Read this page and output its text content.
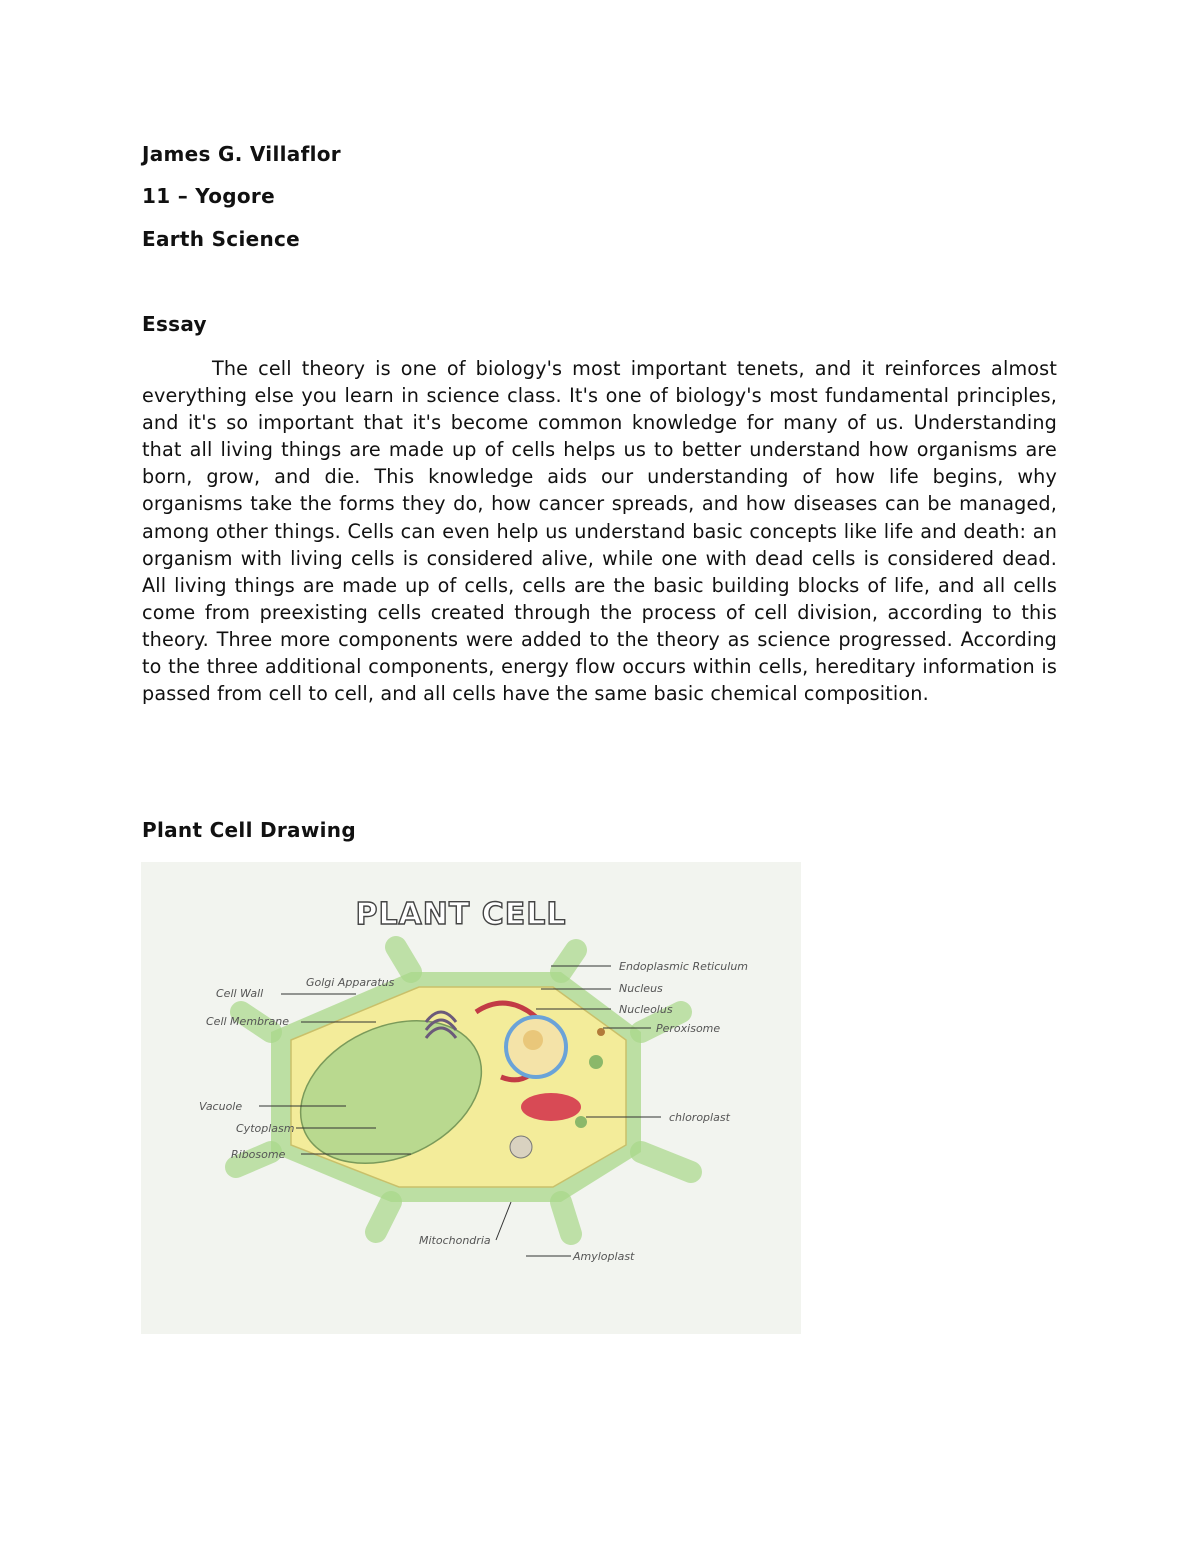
James G. Villaflor

11 – Yogore

Earth Science

Essay

The cell theory is one of biology's most important tenets, and it reinforces almost everything else you learn in science class. It's one of biology's most fundamental principles, and it's so important that it's become common knowledge for many of us. Understanding that all living things are made up of cells helps us to better understand how organisms are born, grow, and die. This knowledge aids our understanding of how life begins, why organisms take the forms they do, how cancer spreads, and how diseases can be managed, among other things. Cells can even help us understand basic concepts like life and death: an organism with living cells is considered alive, while one with dead cells is considered dead. All living things are made up of cells, cells are the basic building blocks of life, and all cells come from preexisting cells created through the process of cell division, according to this theory. Three more components were added to the theory as science progressed. According to the three additional components, energy flow occurs within cells, hereditary information is passed from cell to cell, and all cells have the same basic chemical composition.

Plant Cell Drawing

PLANT CELL
Cell Wall
Cell Membrane
Golgi Apparatus
Endoplasmic Reticulum
Nucleus
Nucleolus
Peroxisome
chloroplast
Vacuole
Cytoplasm
Ribosome
Mitochondria
Amyloplast
